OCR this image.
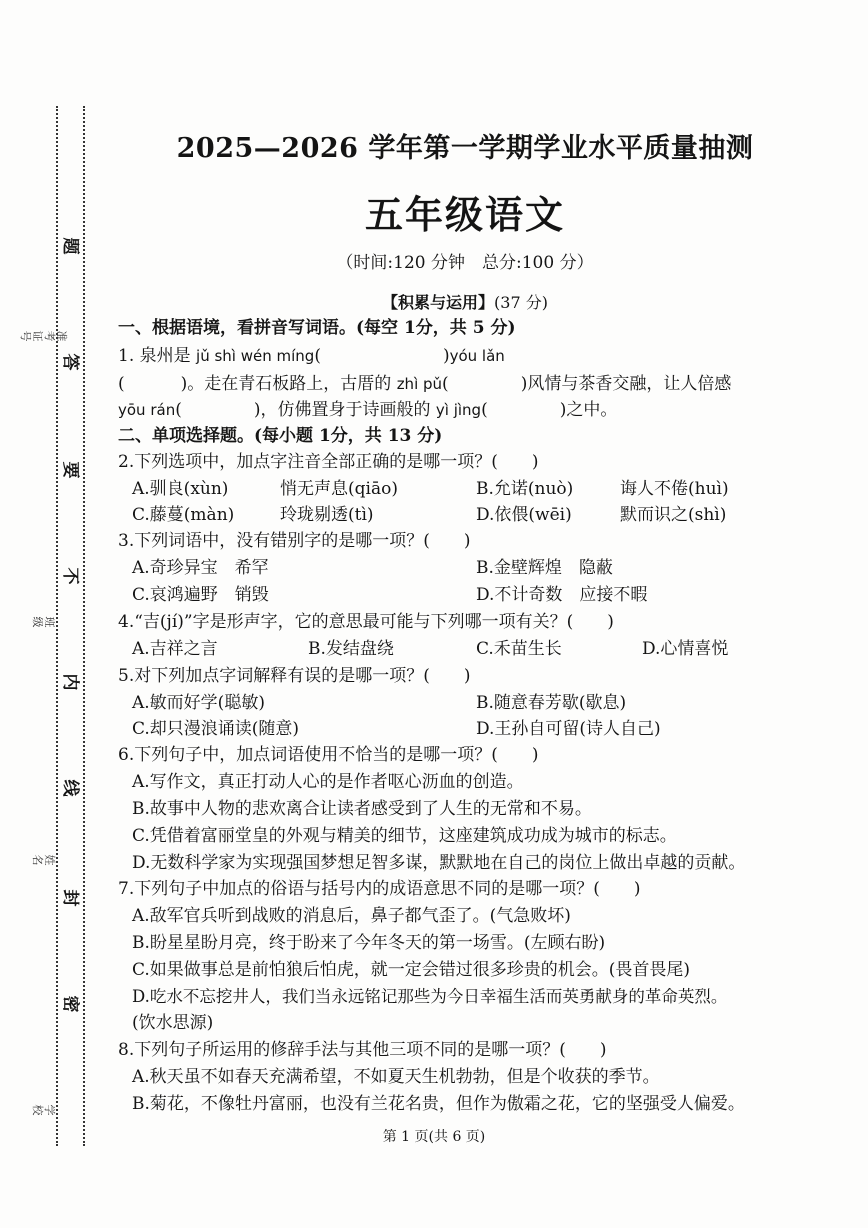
题
答
要
不
内
线
封
密
准考证号
班级
姓名
学校
2025—2026 学年第一学期学业水平质量抽测
五年级语文
（时间:120 分钟　总分:100 分）
【积累与运用】(37 分)
一、根据语境，看拼音写词语。(每空 1分，共 5 分)
1. 泉州是 jǔ shì wén míng(	)yóu lǎn
(	)。走在青石板路上，古厝的 zhì pǔ(	)风情与茶香交融，让人倍感
yōu rán(	)，仿佛置身于诗画般的 yì jìng(	)之中。
二、单项选择题。(每小题 1分，共 13 分)
2.下列选项中，加点字注音全部正确的是哪一项？(　　)
A.驯良(xùn)	悄无声息(qiāo)	B.允诺(nuò)	诲人不倦(huì)
C.藤蔓(màn)	玲珑剔透(tì)	D.依偎(wēi)	默而识之(shì)
3.下列词语中，没有错别字的是哪一项？(　　)
A.奇珍异宝　希罕	B.金壁辉煌　隐蔽
C.哀鸿遍野　销毁	D.不计奇数　应接不暇
4.“吉(jí)”字是形声字，它的意思最可能与下列哪一项有关？(　　)
A.吉祥之言	B.发结盘绕	C.禾苗生长	D.心情喜悦
5.对下列加点字词解释有误的是哪一项？(　　)
A.敏而好学(聪敏)	B.随意春芳歇(歇息)
C.却只漫浪诵读(随意)	D.王孙自可留(诗人自己)
6.下列句子中，加点词语使用不恰当的是哪一项？(　　)
A.写作文，真正打动人心的是作者呕心沥血的创造。
B.故事中人物的悲欢离合让读者感受到了人生的无常和不易。
C.凭借着富丽堂皇的外观与精美的细节，这座建筑成功成为城市的标志。
D.无数科学家为实现强国梦想足智多谋，默默地在自己的岗位上做出卓越的贡献。
7.下列句子中加点的俗语与括号内的成语意思不同的是哪一项？(　　)
A.敌军官兵听到战败的消息后，鼻子都气歪了。(气急败坏)
B.盼星星盼月亮，终于盼来了今年冬天的第一场雪。(左顾右盼)
C.如果做事总是前怕狼后怕虎，就一定会错过很多珍贵的机会。(畏首畏尾)
D.吃水不忘挖井人，我们当永远铭记那些为今日幸福生活而英勇献身的革命英烈。
(饮水思源)
8.下列句子所运用的修辞手法与其他三项不同的是哪一项？(　　)
A.秋天虽不如春天充满希望，不如夏天生机勃勃，但是个收获的季节。
B.菊花，不像牡丹富丽，也没有兰花名贵，但作为傲霜之花，它的坚强受人偏爱。
第 1 页(共 6 页)
